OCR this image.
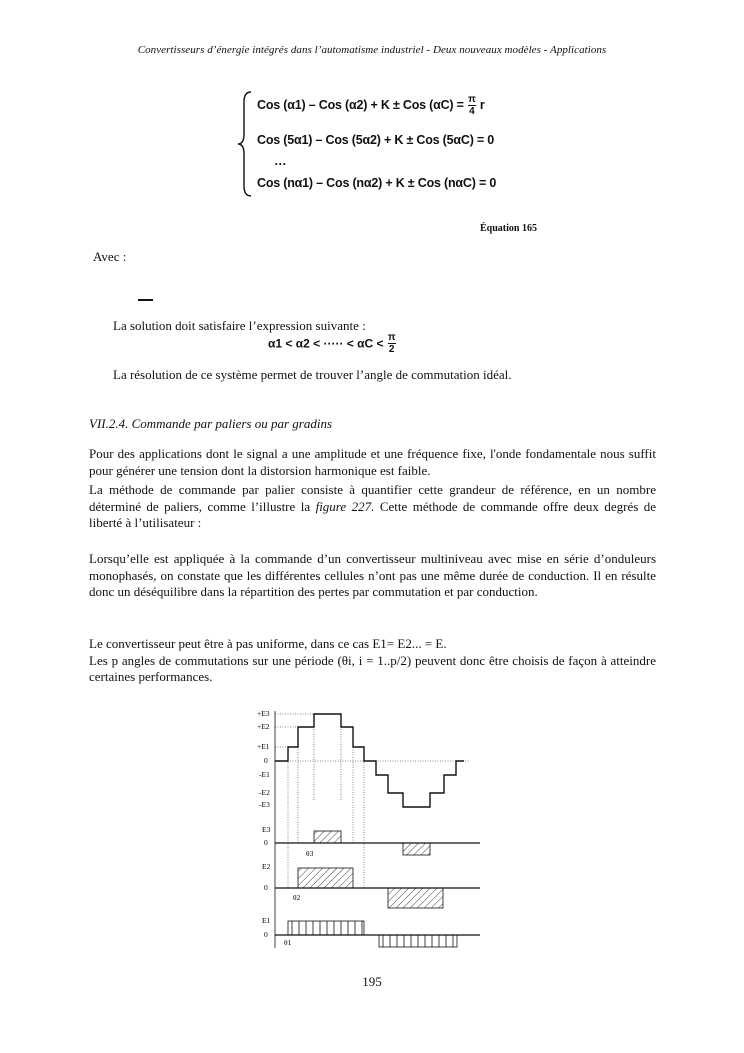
Convertisseurs d’énergie intégrés dans l’automatisme industriel - Deux nouveaux modèles - Applications
Cos (α1) – Cos (α2) + K ± Cos $(\alpha C) = \frac{\pi}{4}$ r
Cos (5α1) – Cos (5α2) + K ± Cos (5αC) = 0
…
Cos (nα1) – Cos (nα2) + K ± Cos (nαC) = 0
Équation 165
Avec :
La solution doit satisfaire l’expression suivante :
α1 < α2 < ····· < $\alpha C < \frac{\pi}{2}$
La résolution de ce système permet de trouver l’angle de commutation idéal.
VII.2.4. Commande par paliers ou par gradins

Pour des applications dont le signal a une amplitude et une fréquence fixe, l'onde fondamentale nous suffit pour générer une tension dont la distorsion harmonique est faible.

La méthode de commande par palier consiste à quantifier cette grandeur de référence, en un nombre déterminé de paliers, comme l’illustre la figure 227. Cette méthode de commande offre deux degrés de liberté à l’utilisateur :

Lorsqu’elle est appliquée à la commande d’un convertisseur multiniveau avec mise en série d’onduleurs monophasés, on constate que les différentes cellules n’ont pas une même durée de conduction. Il en résulte donc un déséquilibre dans la répartition des pertes par commutation et par conduction.

Le convertisseur peut être à pas uniforme, dans ce cas E1= E2... = E.

Les p angles de commutations sur une période (θi, i = 1..p/2) peuvent donc être choisis de façon à atteindre certaines performances.

+E3
+E2
+E1
0
-E1
-E2
-E3
E3
0
θ3
E2
0
θ2
E1
0
θ1
195
